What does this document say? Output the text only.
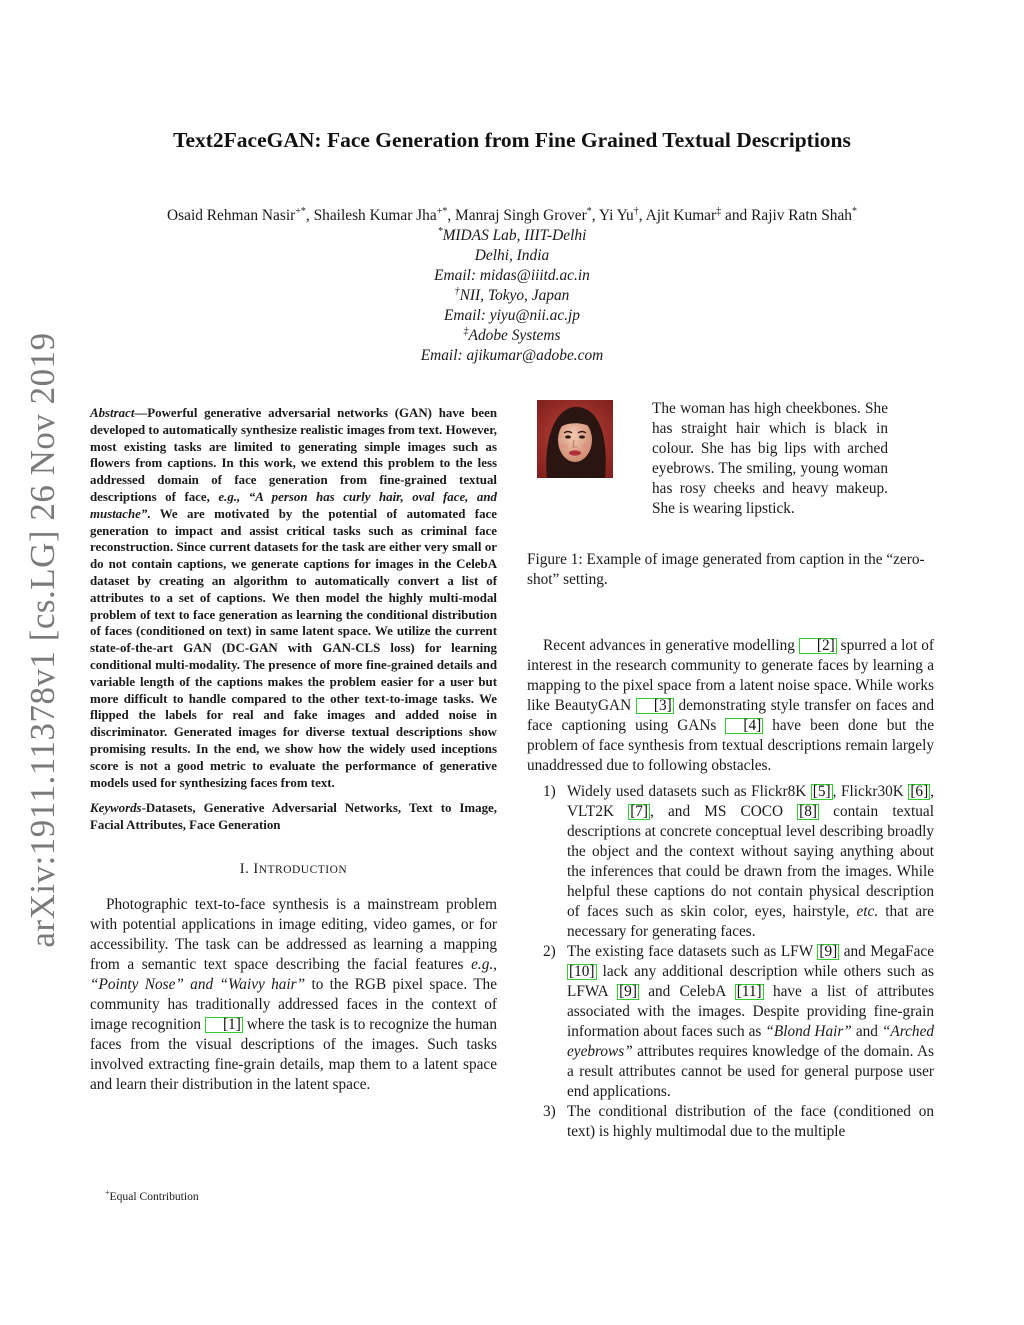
arXiv:1911.11378v1 [cs.LG] 26 Nov 2019
Text2FaceGAN: Face Generation from Fine Grained Textual Descriptions
Osaid Rehman Nasir+*, Shailesh Kumar Jha+*, Manraj Singh Grover*, Yi Yu†, Ajit Kumar‡ and Rajiv Ratn Shah*
*MIDAS Lab, IIIT-Delhi
Delhi, India
Email: midas@iiitd.ac.in
†NII, Tokyo, Japan
Email: yiyu@nii.ac.jp
‡Adobe Systems
Email: ajikumar@adobe.com

Abstract—Powerful generative adversarial networks (GAN) have been developed to automatically synthesize realistic images from text. However, most existing tasks are limited to generating simple images such as flowers from captions. In this work, we extend this problem to the less addressed domain of face generation from fine-grained textual descriptions of face, e.g., “A person has curly hair, oval face, and mustache”. We are motivated by the potential of automated face generation to impact and assist critical tasks such as criminal face reconstruction. Since current datasets for the task are either very small or do not contain captions, we generate captions for images in the CelebA dataset by creating an algorithm to automatically convert a list of attributes to a set of captions. We then model the highly multi-modal problem of text to face generation as learning the conditional distribution of faces (conditioned on text) in same latent space. We utilize the current state-of-the-art GAN (DC-GAN with GAN-CLS loss) for learning conditional multi-modality. The presence of more fine-grained details and variable length of the captions makes the problem easier for a user but more difficult to handle compared to the other text-to-image tasks. We flipped the labels for real and fake images and added noise in discriminator. Generated images for diverse textual descriptions show promising results. In the end, we show how the widely used inceptions score is not a good metric to evaluate the performance of generative models used for synthesizing faces from text.

Keywords-Datasets, Generative Adversarial Networks, Text to Image, Facial Attributes, Face Generation

I. INTRODUCTION

Photographic text-to-face synthesis is a mainstream problem with potential applications in image editing, video games, or for accessibility. The task can be addressed as learning a mapping from a semantic text space describing the facial features e.g., “Pointy Nose” and “Waivy hair” to the RGB pixel space. The community has traditionally addressed faces in the context of image recognition [1] where the task is to recognize the human faces from the visual descriptions of the images. Such tasks involved extracting fine-grain details, map them to a latent space and learn their distribution in the latent space.

+Equal Contribution

The woman has high cheekbones. She has straight hair which is black in colour. She has big lips with arched eyebrows. The smiling, young woman has rosy cheeks and heavy makeup. She is wearing lipstick.

Figure 1: Example of image generated from caption in the “zero-shot” setting.

Recent advances in generative modelling [2] spurred a lot of interest in the research community to generate faces by learning a mapping to the pixel space from a latent noise space. While works like BeautyGAN [3] demonstrating style transfer on faces and face captioning using GANs [4] have been done but the problem of face synthesis from textual descriptions remain largely unaddressed due to following obstacles.

1) Widely used datasets such as Flickr8K [5] , Flickr30K [6] , VLT2K [7] , and MS COCO [8] contain textual descriptions at concrete conceptual level describing broadly the object and the context without saying anything about the inferences that could be drawn from the images. While helpful these captions do not contain physical description of faces such as skin color, eyes, hairstyle, etc. that are necessary for generating faces.
2) The existing face datasets such as LFW [9] and MegaFace [10] lack any additional description while others such as LFWA [9] and CelebA [11] have a list of attributes associated with the images. Despite providing fine-grain information about faces such as “Blond Hair” and “Arched eyebrows” attributes requires knowledge of the domain. As a result attributes cannot be used for general purpose user end applications.
3) The conditional distribution of the face (conditioned on text) is highly multimodal due to the multiple
